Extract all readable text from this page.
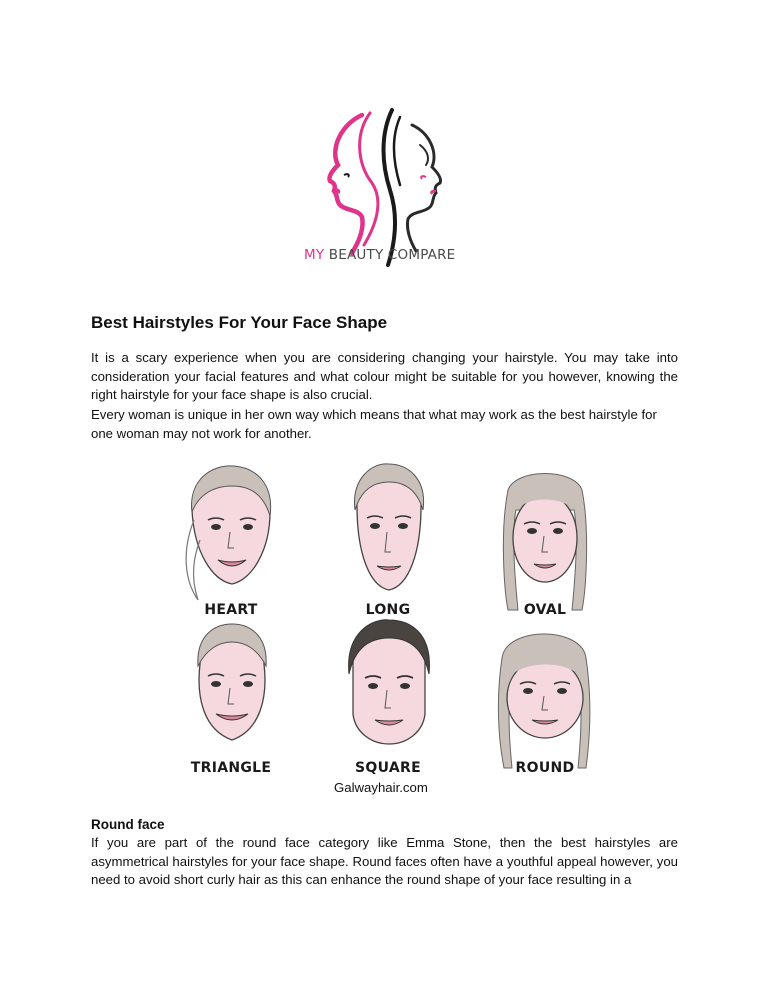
MY BEAUTY COMPARE
Best Hairstyles For Your Face Shape

It is a scary experience when you are considering changing your hairstyle. You may take into consideration your facial features and what colour might be suitable for you however, knowing the right hairstyle for your face shape is also crucial.

Every woman is unique in her own way which means that what may work as the best hairstyle for one woman may not work for another.

HEART	LONG	OVAL
TRIANGLE	SQUARE	ROUND
Galwayhair.com
Round face

If you are part of the round face category like Emma Stone, then the best hairstyles are asymmetrical hairstyles for your face shape. Round faces often have a youthful appeal however, you need to avoid short curly hair as this can enhance the round shape of your face resulting in a
